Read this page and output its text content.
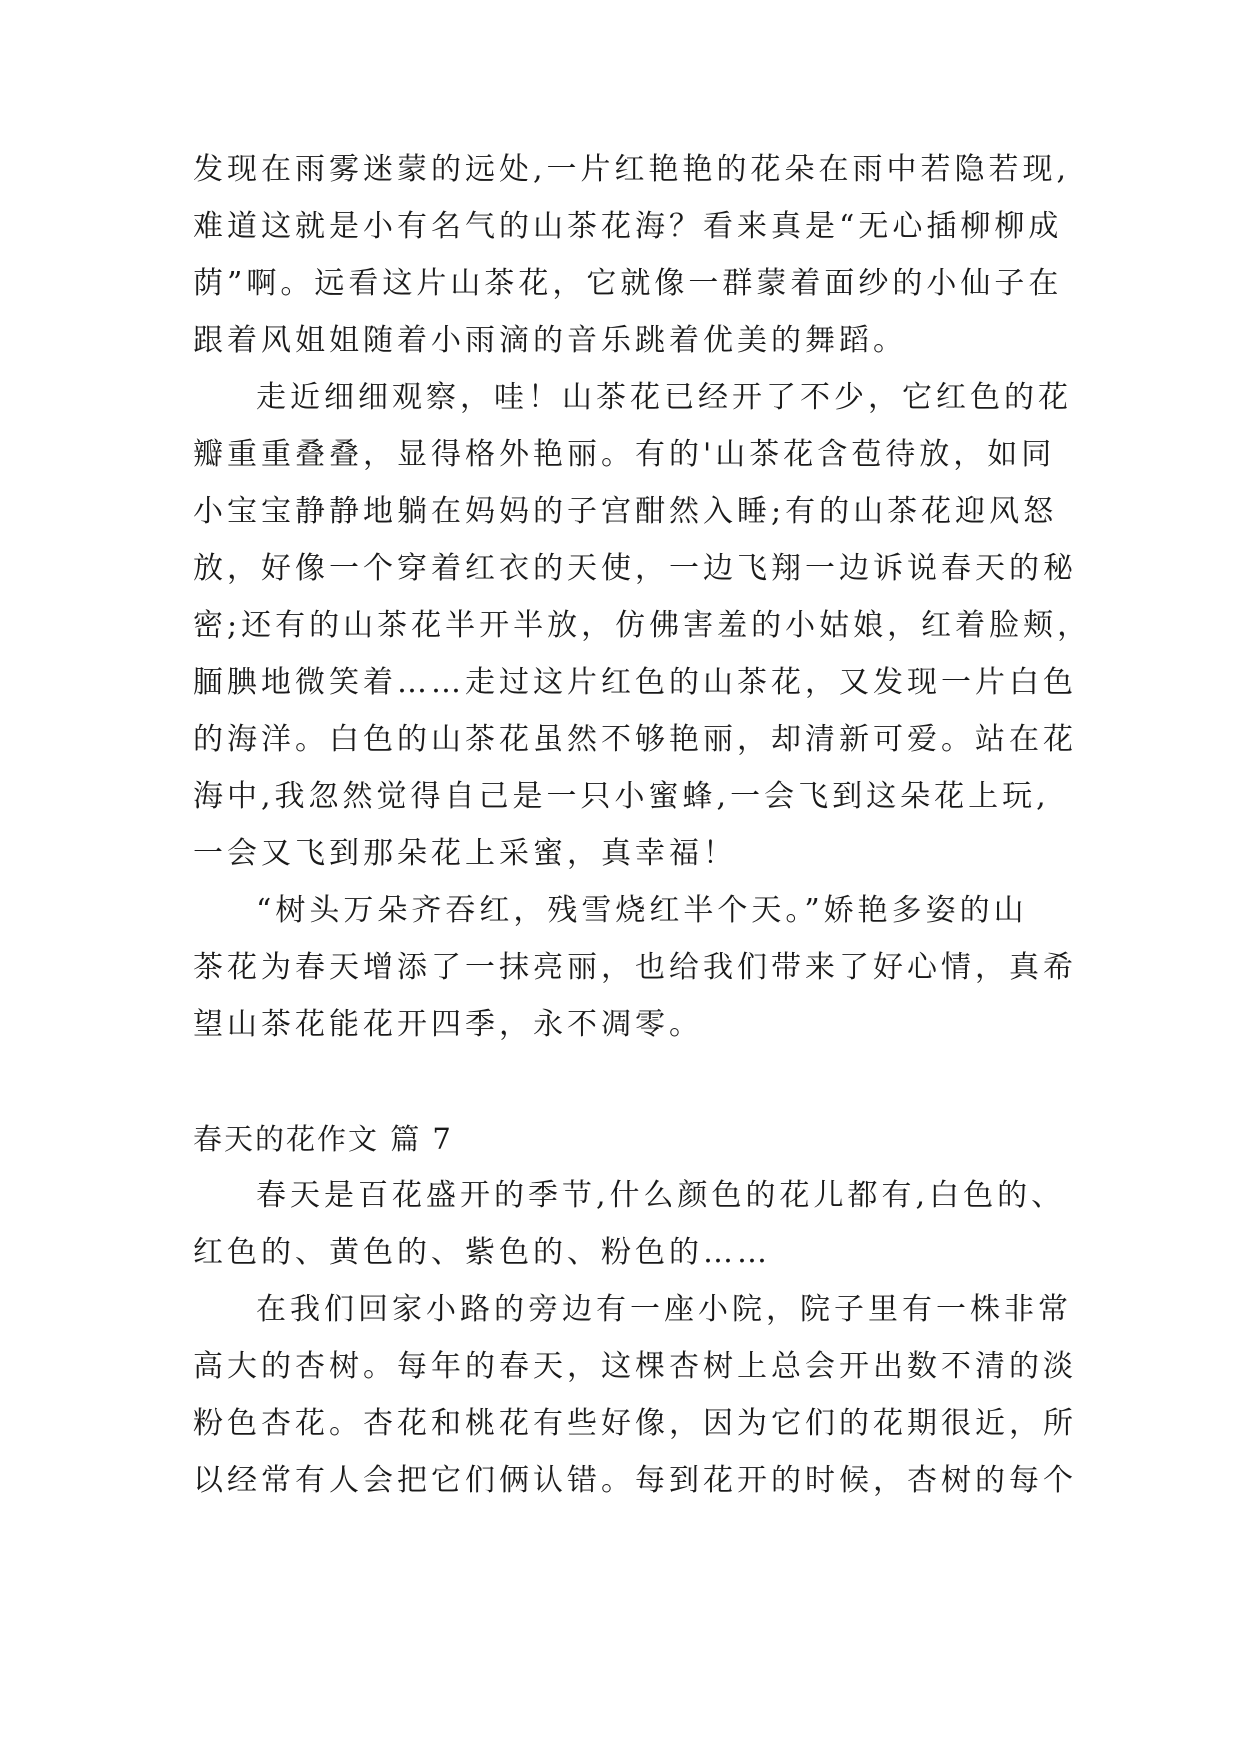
发现在雨雾迷蒙的远处,一片红艳艳的花朵在雨中若隐若现,
难道这就是小有名气的山茶花海？看来真是“无心插柳柳成
荫”啊。远看这片山茶花，它就像一群蒙着面纱的小仙子在
跟着风姐姐随着小雨滴的音乐跳着优美的舞蹈。
走近细细观察，哇！山茶花已经开了不少，它红色的花
瓣重重叠叠，显得格外艳丽。有的'山茶花含苞待放，如同
小宝宝静静地躺在妈妈的子宫酣然入睡;有的山茶花迎风怒
放，好像一个穿着红衣的天使，一边飞翔一边诉说春天的秘
密;还有的山茶花半开半放，仿佛害羞的小姑娘，红着脸颊，
腼腆地微笑着……走过这片红色的山茶花，又发现一片白色
的海洋。白色的山茶花虽然不够艳丽，却清新可爱。站在花
海中,我忽然觉得自己是一只小蜜蜂,一会飞到这朵花上玩,
一会又飞到那朵花上采蜜，真幸福！
“树头万朵齐吞红，残雪烧红半个天。”娇艳多姿的山
茶花为春天增添了一抹亮丽，也给我们带来了好心情，真希
望山茶花能花开四季，永不凋零。
春天的花作文 篇 7
春天是百花盛开的季节,什么颜色的花儿都有,白色的、
红色的、黄色的、紫色的、粉色的……
在我们回家小路的旁边有一座小院，院子里有一株非常
高大的杏树。每年的春天，这棵杏树上总会开出数不清的淡
粉色杏花。杏花和桃花有些好像，因为它们的花期很近，所
以经常有人会把它们俩认错。每到花开的时候，杏树的每个
